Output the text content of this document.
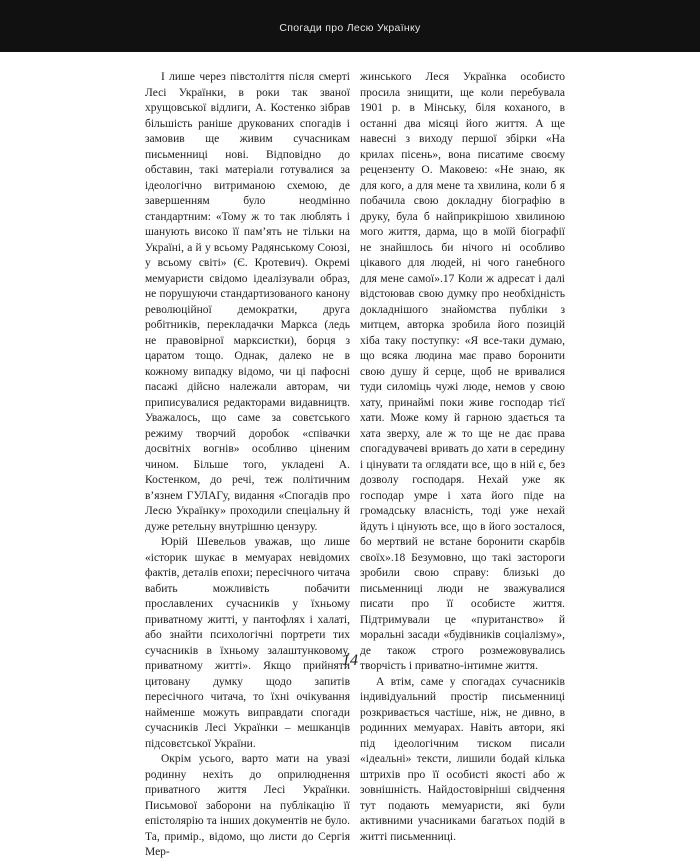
Спогади про Лесю Українку

І лише через півстоліття після смерті Лесі Українки, в роки так званої хрущовської відлиги, А. Костенко зібрав більшість раніше друкованих спогадів і замовив ще живим сучасникам письменниці нові. Відповідно до обставин, такі матеріали готувалися за ідеологічно витриманою схемою, де завершенням було неодмінно стандартним: «Тому ж то так люблять і шанують високо її пам’ять не тільки на Україні, а й у всьому Радянському Союзі, у всьому світі» (Є. Кротевич). Окремі мемуаристи свідомо ідеалізували образ, не порушуючи стандартизованого канону революційної демократки, друга робітників, перекладачки Маркса (ледь не правовірної марксистки), борця з царатом тощо. Однак, далеко не в кожному випадку відомо, чи ці пафосні пасажі дійсно належали авторам, чи приписувалися редакторами видавництв. Уважалось, що саме за совєтського режиму творчий доробок «співачки досвітніх вогнів» особливо ціненим чином. Більше того, укладені А. Костенком, до речі, теж політичним в’язнем ГУЛАГу, видання «Спогадів про Лесю Українку» проходили спеціальну й дуже ретельну внутрішню цензуру.

Юрій Шевельов уважав, що лише «історик шукає в мемуарах невідомих фактів, деталів епохи; пересічного читача вабить можливість побачити прославлених сучасників у їхньому приватному житті, у пантофлях і халаті, або знайти психологічні портрети тих сучасників в їхньому залаштунковому, приватному житті». Якщо прийняти цитовану думку щодо запитів пересічного читача, то їхні очікування найменше можуть виправдати спогади сучасників Лесі Українки – мешканців підсовєтської України.

Окрім усього, варто мати на увазі родинну нехіть до оприлюднення приватного життя Лесі Українки. Письмової заборони на публікацію її епістолярію та інших документів не було. Та, примір., відомо, що листи до Сергія Мер-

жинського Леся Українка особисто просила знищити, ще коли перебувала 1901 р. в Мінську, біля коханого, в останні два місяці його життя. А ще навесні з виходу першої збірки «На крилах пісень», вона писатиме своєму рецензенту О. Маковею: «Не знаю, як для кого, а для мене та хвилина, коли б я побачила свою докладну біографію в друку, була б найприкрішою хвилиною мого життя, дарма, що в моїй біографії не знайшлось би нічого ні особливо цікавого для людей, ні чого ганебного для мене самої».17 Коли ж адресат і далі відстоював свою думку про необхідність докладнішого знайомства публіки з митцем, авторка зробила його позицій хіба таку поступку: «Я все-таки думаю, що всяка людина має право боронити свою душу й серце, щоб не вривалися туди силоміць чужі люде, немов у свою хату, принаймі поки живе господар тієї хати. Може кому й гарною здається та хата зверху, але ж то ще не дає права спогадувачеві вривать до хати в середину і цінувати та оглядати все, що в ній є, без дозволу господаря. Нехай уже як господар умре і хата його піде на громадську власність, тоді уже нехай йдуть і цінують все, що в його зосталося, бо мертвий не встане боронити скарбів своїх».18 Безумовно, що такі застороги зробили свою справу: близькі до письменниці люди не зважувалися писати про її особисте життя. Підтримували це «пуританство» й моральні засади «будівників соціалізму», де також строго розмежовувались творчість і приватно-інтимне життя.

А втім, саме у спогадах сучасників індивідуальний простір письменниці розкривається частіше, ніж, не дивно, в родинних мемуарах. Навіть автори, які під ідеологічним тиском писали «ідеальні» тексти, лишили бодай кілька штрихів про її особисті якості або ж зовнішність. Найдостовірніші свідчення тут подають мемуаристи, які були активними учасниками багатьох подій в житті письменниці.

14
